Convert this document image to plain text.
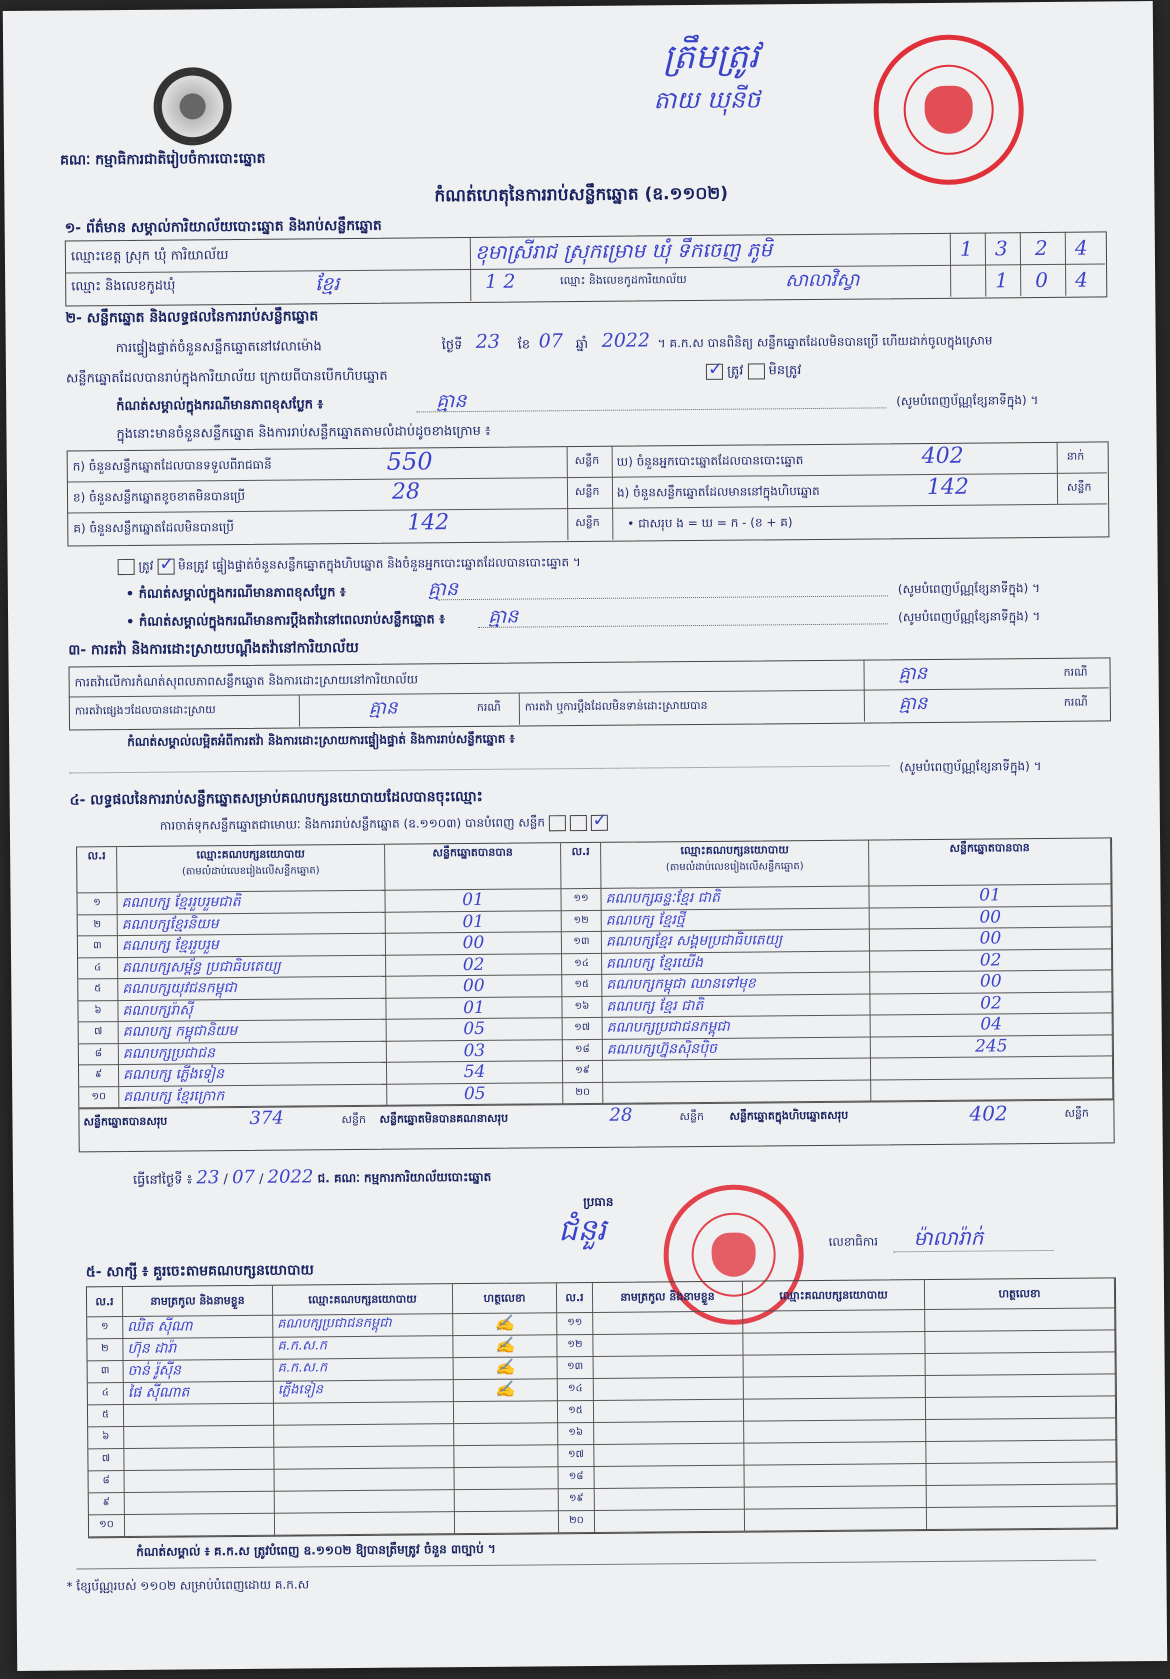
គណៈ កម្មាធិការជាតិរៀបចំការបោះឆ្នោត
ត្រឹមត្រូវ
តាយ ឃុនីថ
កំណត់ហេតុនៃការរាប់សន្លឹកឆ្នោត (ឧ.១១០២)
១- ព័ត៌មាន សម្គាល់ការិយាល័យបោះឆ្នោត និងរាប់សន្លឹកឆ្នោត
ឈ្មោះខេត្ត ស្រុក ឃុំ ការិយាល័យ	ខុមាស្រីរាជ ស្រុកម្រោម ឃុំ ទឹកចេញ ភូមិ	1 3 2 4
ឈ្មោះ និងលេខកូដឃុំ	ខ្មែរ	1 2	ឈ្មោះ និងលេខកូដការិយាល័យ	សាលាវិស្វា	1 0 4
២- សន្លឹកឆ្នោត និងលទ្ធផលនៃការរាប់សន្លឹកឆ្នោត
ការផ្ទៀងផ្ទាត់ចំនួនសន្លឹកឆ្នោតនៅវេលាម៉ោង	ថ្ងៃទី 23 ខែ 07 ឆ្នាំ 2022 ។ គ.ក.ស បានពិនិត្យ សន្លឹកឆ្នោតដែលមិនបានប្រើ ហើយដាក់ចូលក្នុងស្រោម
សន្លឹកឆ្នោតដែលបានរាប់ក្នុងការិយាល័យ ក្រោយពីបានបើកហិបឆ្នោត	✓ ត្រូវ មិនត្រូវ
កំណត់សម្គាល់ក្នុងករណីមានភាពខុសប្លែក ៖	គ្មាន	(សូមបំពេញប័ណ្ណខ្សែនាទីក្នុង) ។
ក្នុងនោះមានចំនួនសន្លឹកឆ្នោត និងការរាប់សន្លឹកឆ្នោតតាមលំដាប់ដូចខាងក្រោម ៖
ក) ចំនួនសន្លឹកឆ្នោតដែលបានទទួលពីរាជធានី	550	សន្លឹក ឃ) ចំនួនអ្នកបោះឆ្នោតដែលបានបោះឆ្នោត	402	នាក់
ខ) ចំនួនសន្លឹកឆ្នោតខូចខាតមិនបានប្រើ	28	សន្លឹក ង) ចំនួនសន្លឹកឆ្នោតដែលមាននៅក្នុងហិបឆ្នោត	142	សន្លឹក
គ) ចំនួនសន្លឹកឆ្នោតដែលមិនបានប្រើ	142	សន្លឹក • ជាសរុប ង = ឃ = ក - (ខ + គ)
ត្រូវ ✓ មិនត្រូវ ផ្ទៀងផ្ទាត់ចំនួនសន្លឹកឆ្នោតក្នុងហិបឆ្នោត និងចំនួនអ្នកបោះឆ្នោតដែលបានបោះឆ្នោត ។
• កំណត់សម្គាល់ក្នុងករណីមានភាពខុសប្លែក ៖	គ្មាន	(សូមបំពេញប័ណ្ណខ្សែនាទីក្នុង) ។
• កំណត់សម្គាល់ក្នុងករណីមានការប្តឹងតវ៉ានៅពេលរាប់សន្លឹកឆ្នោត ៖ គ្មាន	(សូមបំពេញប័ណ្ណខ្សែនាទីក្នុង) ។
៣- ការតវ៉ា និងការដោះស្រាយបណ្តឹងតវ៉ានៅការិយាល័យ
ការតវ៉ាលើការកំណត់សុពលភាពសន្លឹកឆ្នោត និងការដោះស្រាយនៅការិយាល័យ	គ្មាន	ករណី
ការតវ៉ាផ្សេងៗដែលបានដោះស្រាយ	គ្មាន	ករណី ការតវ៉ា ឬការប្តឹងដែលមិនទាន់ដោះស្រាយបាន	គ្មាន	ករណី
កំណត់សម្គាល់លម្អិតអំពីការតវ៉ា និងការដោះស្រាយការផ្ទៀងផ្ទាត់ និងការរាប់សន្លឹកឆ្នោត ៖
(សូមបំពេញប័ណ្ណខ្សែនាទីក្នុង) ។
៤- លទ្ធផលនៃការរាប់សន្លឹកឆ្នោតសម្រាប់គណបក្សនយោបាយដែលបានចុះឈ្មោះ
ការចាត់ទុកសន្លឹកឆ្នោតជាមោឃៈ និងការរាប់សន្លឹកឆ្នោត (ឧ.១១០៣) បានបំពេញ សន្លឹក	✓
ល.រ	ឈ្មោះគណបក្សនយោបាយ
(តាមលំដាប់លេខរៀងលើសន្លឹកឆ្នោត)
សន្លឹកឆ្នោតបានបាន	ល.រ	ឈ្មោះគណបក្សនយោបាយ
(តាមលំដាប់លេខរៀងលើសន្លឹកឆ្នោត)
សន្លឹកឆ្នោតបានបាន
១	គណបក្ស ខ្មែររួបរួមជាតិ	01
២	គណបក្សខ្មែរនិយម	01
៣	គណបក្ស ខ្មែររួបរួម	00
៤	គណបក្សសម្ព័ន្ធ ប្រជាធិបតេយ្យ	02
៥	គណបក្សយុវជនកម្ពុជា	00
៦	គណបក្សរ៉ាស៊ី	01
៧	គណបក្ស កម្ពុជានិយម	05
៨	គណបក្សប្រជាជន	03
៩	គណបក្ស ភ្លើងទៀន	54
១០	គណបក្ស ខ្មែរក្រោក	05
១១	គណបក្សឆន្ទៈខ្មែរ ជាតិ	01
១២	គណបក្ស ខ្មែរថ្មី	00
១៣	គណបក្សខ្មែរ សង្គមប្រជាធិបតេយ្យ	00
១៤	គណបក្ស ខ្មែរយើង	02
១៥	គណបក្សកម្ពុជា ឈានទៅមុខ	00
១៦	គណបក្ស ខ្មែរ ជាតិ	02
១៧	គណបក្សប្រជាជនកម្ពុជា	04
១៨	គណបក្សហ្វ៊ុនស៊ិនប៉ិច	245
១៩
២០
សន្លឹកឆ្នោតបានសរុប	374	សន្លឹក សន្លឹកឆ្នោតមិនបានគណនាសរុប	28	សន្លឹក សន្លឹកឆ្នោតក្នុងហិបឆ្នោតសរុប	402	សន្លឹក
ធ្វើនៅថ្ងៃទី ៖ 23 / 07 / 2022 ជ. គណៈ កម្មការការិយាល័យបោះឆ្នោត
ប្រធាន
ជំនួរ	លេខាធិការ ម៉ាលារ៉ាក់
៥- សាក្សី ៖ គួរចេះតាមគណបក្សនយោបាយ
ល.រ	នាមត្រកូល និងនាមខ្លួន	ឈ្មោះគណបក្សនយោបាយ	ហត្ថលេខា	ល.រ	នាមត្រកូល និងនាមខ្លួន	ឈ្មោះគណបក្សនយោបាយ	ហត្ថលេខា
១	ឈិត ស៊ីណា	គណបក្សប្រជាជនកម្ពុជា	✍	១១
២	ហ៊ុន ដារ៉ា	គ.ក.ស.ក	✍	១២
៣	ចាន់ រ៉ូស៊ីន	គ.ក.ស.ក	✍	១៣
៤	ផៃ ស៊ីណាត	ភ្លើងទៀន	✍	១៤
៥	១៥
៦	១៦
៧	១៧
៨	១៨
៩	១៩
១០	២០
កំណត់សម្គាល់ ៖ គ.ក.ស ត្រូវបំពេញ ឧ.១១០២ ឱ្យបានត្រឹមត្រូវ ចំនួន ៣ច្បាប់ ។
* ខ្សែប័ណ្ណរបស់ ១១០២ សម្រាប់បំពេញដោយ គ.ក.ស
